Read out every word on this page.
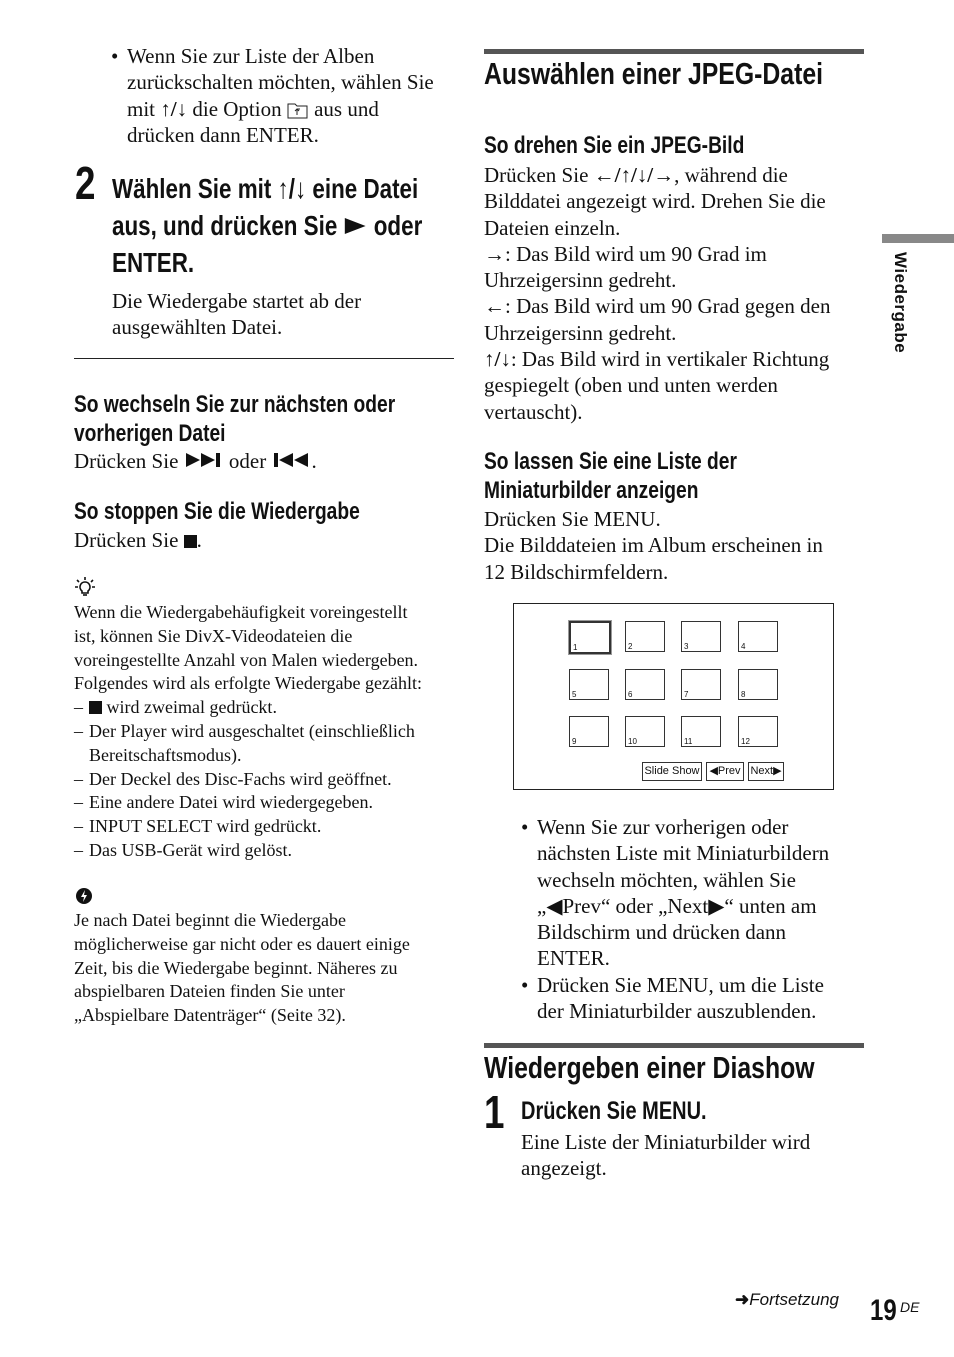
• Wenn Sie zur Liste der Alben
zurückschalten möchten, wählen Sie
mit ↑/↓ die Option  aus und
drücken dann ENTER.
2 Wählen Sie mit ↑/↓ eine Datei
aus, und drücken Sie  oder
ENTER.
Die Wiedergabe startet ab der
ausgewählten Datei.
So wechseln Sie zur nächsten oder
vorherigen Datei
Drücken Sie  oder .
So stoppen Sie die Wiedergabe
Drücken Sie .
Wenn die Wiedergabehäufigkeit voreingestellt
ist, können Sie DivX-Videodateien die
voreingestellte Anzahl von Malen wiedergeben.
Folgendes wird als erfolgte Wiedergabe gezählt:
–	wird zweimal gedrückt.
– Der Player wird ausgeschaltet (einschließlich
Bereitschaftsmodus).
– Der Deckel des Disc-Fachs wird geöffnet.
– Eine andere Datei wird wiedergegeben.
– INPUT SELECT wird gedrückt.
– Das USB-Gerät wird gelöst.
Je nach Datei beginnt die Wiedergabe
möglicherweise gar nicht oder es dauert einige
Zeit, bis die Wiedergabe beginnt. Näheres zu
abspielbaren Dateien finden Sie unter
„Abspielbare Datenträger“ (Seite 32).
Auswählen einer JPEG-Datei
So drehen Sie ein JPEG-Bild
Drücken Sie ←/↑/↓/→, während die
Bilddatei angezeigt wird. Drehen Sie die
Dateien einzeln.
→: Das Bild wird um 90 Grad im
Uhrzeigersinn gedreht.
←: Das Bild wird um 90 Grad gegen den
Uhrzeigersinn gedreht.
↑/↓: Das Bild wird in vertikaler Richtung
gespiegelt (oben und unten werden
vertauscht).
So lassen Sie eine Liste der
Miniaturbilder anzeigen
Drücken Sie MENU.
Die Bilddateien im Album erscheinen in
12 Bildschirmfeldern.
1	2	3	4
5	6	7	8
9	10	11	12
Slide Show ◀Prev Next▶
• Wenn Sie zur vorherigen oder
nächsten Liste mit Miniaturbildern
wechseln möchten, wählen Sie
„◀Prev“ oder „Next▶“ unten am
Bildschirm und drücken dann
ENTER.
• Drücken Sie MENU, um die Liste
der Miniaturbilder auszublenden.
Wiedergeben einer Diashow
1 Drücken Sie MENU.
Eine Liste der Miniaturbilder wird
angezeigt.
Wiedergabe
➜Fortsetzung 19 DE
